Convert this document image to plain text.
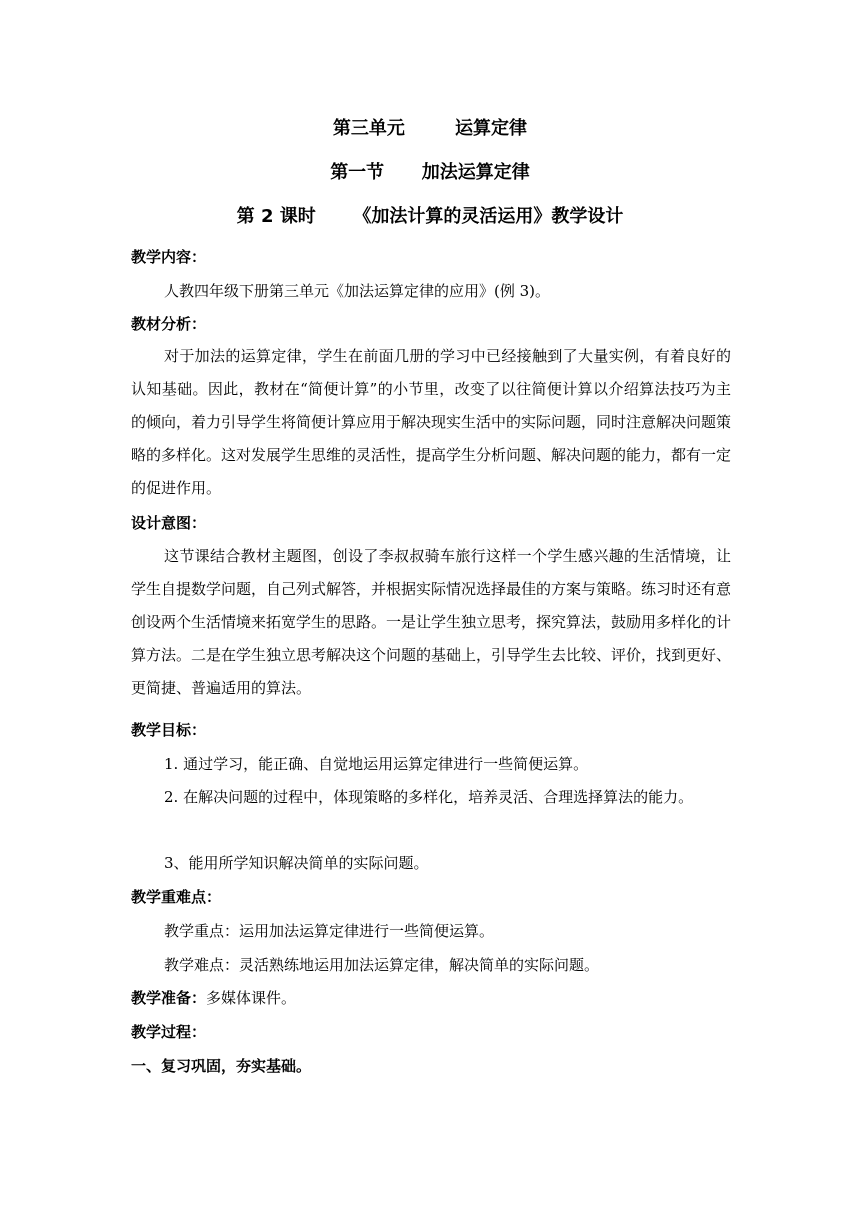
第三单元        运算定律
第一节      加法运算定律
第 2 课时      《加法计算的灵活运用》教学设计
教学内容：
人教四年级下册第三单元《加法运算定律的应用》(例 3)。
教材分析：
对于加法的运算定律，学生在前面几册的学习中已经接触到了大量实例，有着良好的认知基础。因此，教材在“简便计算”的小节里，改变了以往简便计算以介绍算法技巧为主的倾向，着力引导学生将简便计算应用于解决现实生活中的实际问题，同时注意解决问题策略的多样化。这对发展学生思维的灵活性，提高学生分析问题、解决问题的能力，都有一定的促进作用。
设计意图：
这节课结合教材主题图，创设了李叔叔骑车旅行这样一个学生感兴趣的生活情境，让学生自提数学问题，自己列式解答，并根据实际情况选择最佳的方案与策略。练习时还有意创设两个生活情境来拓宽学生的思路。一是让学生独立思考，探究算法，鼓励用多样化的计算方法。二是在学生独立思考解决这个问题的基础上，引导学生去比较、评价，找到更好、更简捷、普遍适用的算法。
教学目标：
1. 通过学习，能正确、自觉地运用运算定律进行一些简便运算。
2. 在解决问题的过程中，体现策略的多样化，培养灵活、合理选择算法的能力。
3、能用所学知识解决简单的实际问题。
教学重难点：
教学重点：运用加法运算定律进行一些简便运算。
教学难点：灵活熟练地运用加法运算定律，解决简单的实际问题。
教学准备：多媒体课件。
教学过程：
一、复习巩固，夯实基础。
